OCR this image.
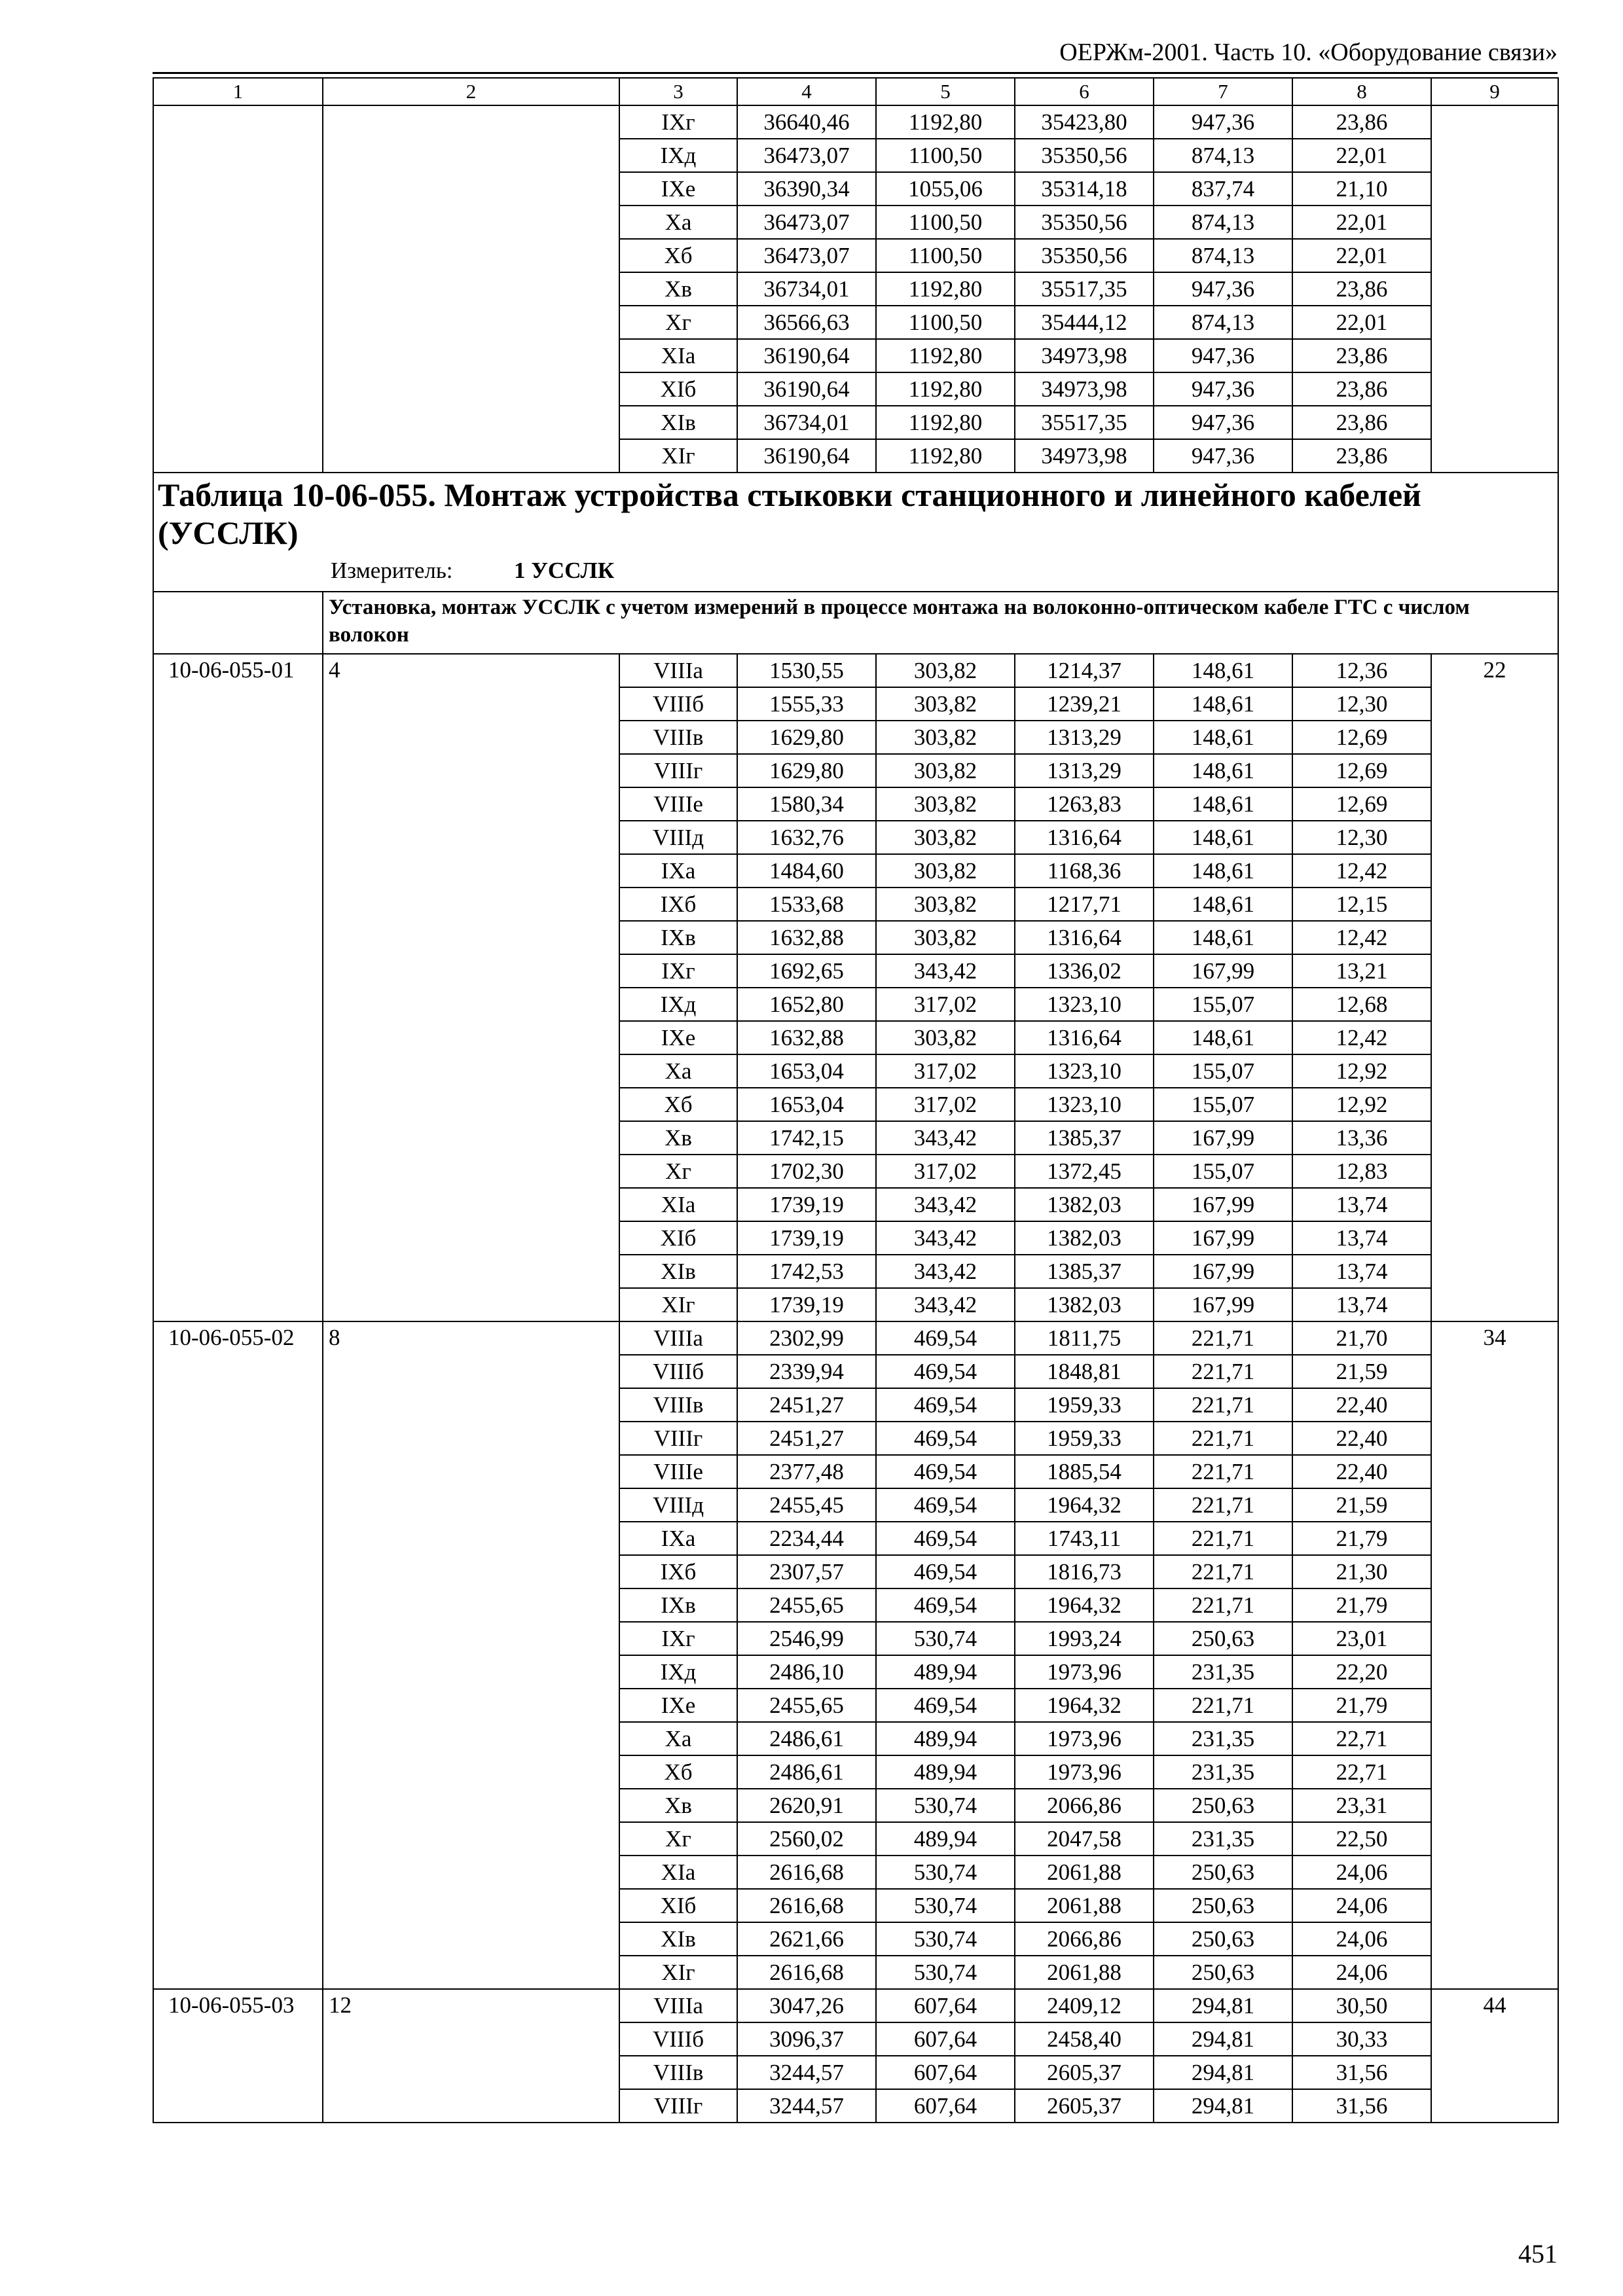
ОЕРЖм-2001. Часть 10. «Оборудование связи»
1	2	3	4	5	6	7	8	9
		IXг	36640,46	1192,80	35423,80	947,36	23,86	
		IXд	36473,07	1100,50	35350,56	874,13	22,01	
		IXе	36390,34	1055,06	35314,18	837,74	21,10	
		Xа	36473,07	1100,50	35350,56	874,13	22,01	
		Xб	36473,07	1100,50	35350,56	874,13	22,01	
		Xв	36734,01	1192,80	35517,35	947,36	23,86	
		Xг	36566,63	1100,50	35444,12	874,13	22,01	
		XIа	36190,64	1192,80	34973,98	947,36	23,86	
		XIб	36190,64	1192,80	34973,98	947,36	23,86	
		XIв	36734,01	1192,80	35517,35	947,36	23,86	
		XIг	36190,64	1192,80	34973,98	947,36	23,86	

Таблица 10-06-055. Монтаж устройства стыковки станционного и линейного кабелей (УССЛК)
Измеритель: 1 УССЛК								

	Установка, монтаж УССЛК с учетом измерений в процессе монтажа на волоконно-оптическом кабеле ГТС с числом волокон							

10-06-055-01	4	VIIIа	1530,55	303,82	1214,37	148,61	12,36	22
		VIIIб	1555,33	303,82	1239,21	148,61	12,30	
		VIIIв	1629,80	303,82	1313,29	148,61	12,69	
		VIIIг	1629,80	303,82	1313,29	148,61	12,69	
		VIIIе	1580,34	303,82	1263,83	148,61	12,69	
		VIIIд	1632,76	303,82	1316,64	148,61	12,30	
		IXа	1484,60	303,82	1168,36	148,61	12,42	
		IXб	1533,68	303,82	1217,71	148,61	12,15	
		IXв	1632,88	303,82	1316,64	148,61	12,42	
		IXг	1692,65	343,42	1336,02	167,99	13,21	
		IXд	1652,80	317,02	1323,10	155,07	12,68	
		IXе	1632,88	303,82	1316,64	148,61	12,42	
		Xа	1653,04	317,02	1323,10	155,07	12,92	
		Xб	1653,04	317,02	1323,10	155,07	12,92	
		Xв	1742,15	343,42	1385,37	167,99	13,36	
		Xг	1702,30	317,02	1372,45	155,07	12,83	
		XIа	1739,19	343,42	1382,03	167,99	13,74	
		XIб	1739,19	343,42	1382,03	167,99	13,74	
		XIв	1742,53	343,42	1385,37	167,99	13,74	
		XIг	1739,19	343,42	1382,03	167,99	13,74	
10-06-055-02	8	VIIIа	2302,99	469,54	1811,75	221,71	21,70	34
		VIIIб	2339,94	469,54	1848,81	221,71	21,59	
		VIIIв	2451,27	469,54	1959,33	221,71	22,40	
		VIIIг	2451,27	469,54	1959,33	221,71	22,40	
		VIIIе	2377,48	469,54	1885,54	221,71	22,40	
		VIIIд	2455,45	469,54	1964,32	221,71	21,59	
		IXа	2234,44	469,54	1743,11	221,71	21,79	
		IXб	2307,57	469,54	1816,73	221,71	21,30	
		IXв	2455,65	469,54	1964,32	221,71	21,79	
		IXг	2546,99	530,74	1993,24	250,63	23,01	
		IXд	2486,10	489,94	1973,96	231,35	22,20	
		IXе	2455,65	469,54	1964,32	221,71	21,79	
		Xа	2486,61	489,94	1973,96	231,35	22,71	
		Xб	2486,61	489,94	1973,96	231,35	22,71	
		Xв	2620,91	530,74	2066,86	250,63	23,31	
		Xг	2560,02	489,94	2047,58	231,35	22,50	
		XIа	2616,68	530,74	2061,88	250,63	24,06	
		XIб	2616,68	530,74	2061,88	250,63	24,06	
		XIв	2621,66	530,74	2066,86	250,63	24,06	
		XIг	2616,68	530,74	2061,88	250,63	24,06	
10-06-055-03	12	VIIIа	3047,26	607,64	2409,12	294,81	30,50	44
		VIIIб	3096,37	607,64	2458,40	294,81	30,33	
		VIIIв	3244,57	607,64	2605,37	294,81	31,56	
		VIIIг	3244,57	607,64	2605,37	294,81	31,56	
451
